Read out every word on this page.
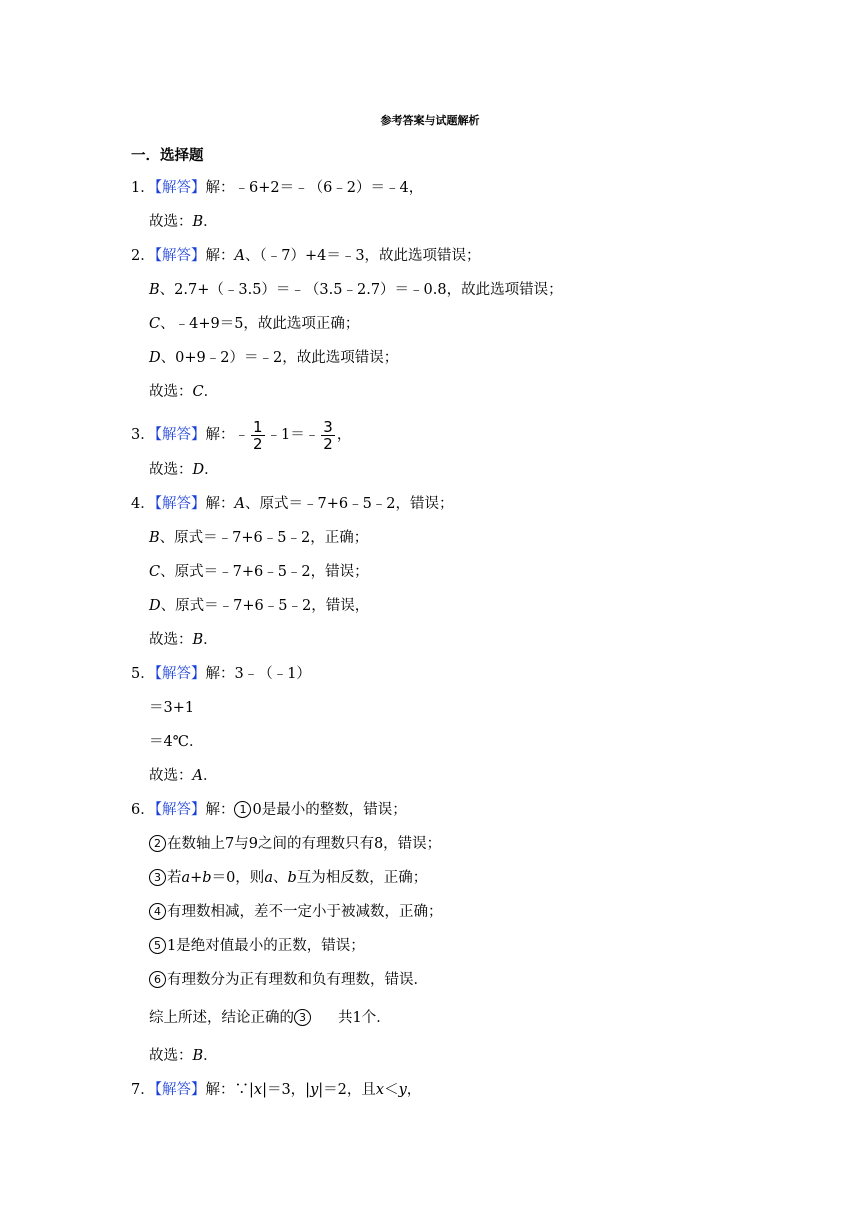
参考答案与试题解析
一．选择题
1．【解答】解：﹣6+2＝﹣（6﹣2）＝﹣4，
故选：B．
2．【解答】解：A、（﹣7）+4＝﹣3，故此选项错误；
B、2.7+（﹣3.5）＝﹣（3.5﹣2.7）＝﹣0.8，故此选项错误；
C、﹣4+9＝5，故此选项正确；
D、0+9﹣2）＝﹣2，故此选项错误；
故选：C．
3．【解答】解：﹣ $\frac{1}{2}$ ﹣1＝﹣ $\frac{3}{2}$ ，
故选：D．
4．【解答】解：A、原式＝﹣7+6﹣5﹣2，错误；
B、原式＝﹣7+6﹣5﹣2，正确；
C、原式＝﹣7+6﹣5﹣2，错误；
D、原式＝﹣7+6﹣5﹣2，错误，
故选：B．
5．【解答】解：3﹣（﹣1）
＝3+1
＝4℃．
故选：A．
6．【解答】解： 1 0是最小的整数，错误；
2 在数轴上7与9之间的有理数只有8，错误；
3 若a+b＝0，则a、b互为相反数，正确；
4 有理数相减，差不一定小于被减数，正确；
5 1是绝对值最小的正数，错误；
6 有理数分为正有理数和负有理数，错误．
综上所述，结论正确的 3 共1个．
故选：B．
7．【解答】解：∵|x|＝3，|y|＝2，且x＜y，
